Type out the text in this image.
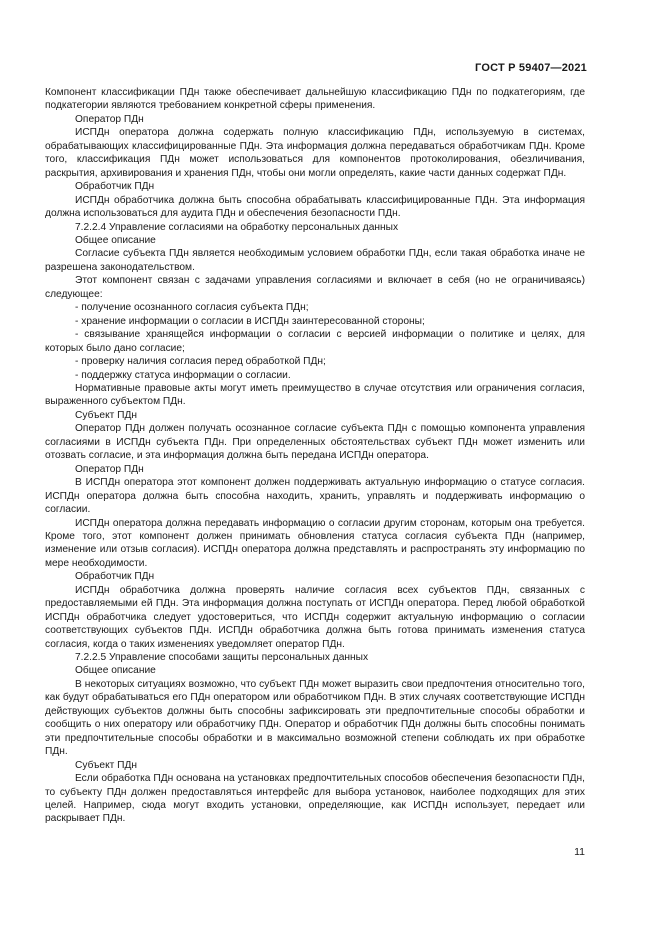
ГОСТ Р 59407—2021

Компонент классификации ПДн также обеспечивает дальнейшую классификацию ПДн по подкатегориям, где подкатегории являются требованием конкретной сферы применения.

Оператор ПДн

ИСПДн оператора должна содержать полную классификацию ПДн, используемую в системах, обрабатывающих классифицированные ПДн. Эта информация должна передаваться обработчикам ПДн. Кроме того, классификация ПДн может использоваться для компонентов протоколирования, обезличивания, раскрытия, архивирования и хранения ПДн, чтобы они могли определять, какие части данных содержат ПДн.

Обработчик ПДн

ИСПДн обработчика должна быть способна обрабатывать классифицированные ПДн. Эта информация должна использоваться для аудита ПДн и обеспечения безопасности ПДн.

7.2.2.4 Управление согласиями на обработку персональных данных

Общее описание

Согласие субъекта ПДн является необходимым условием обработки ПДн, если такая обработка иначе не разрешена законодательством.

Этот компонент связан с задачами управления согласиями и включает в себя (но не ограничиваясь) следующее:

- получение осознанного согласия субъекта ПДн;

- хранение информации о согласии в ИСПДн заинтересованной стороны;

- связывание хранящейся информации о согласии с версией информации о политике и целях, для которых было дано согласие;

- проверку наличия согласия перед обработкой ПДн;

- поддержку статуса информации о согласии.

Нормативные правовые акты могут иметь преимущество в случае отсутствия или ограничения согласия, выраженного субъектом ПДн.

Субъект ПДн

Оператор ПДн должен получать осознанное согласие субъекта ПДн с помощью компонента управления согласиями в ИСПДн субъекта ПДн. При определенных обстоятельствах субъект ПДн может изменить или отозвать согласие, и эта информация должна быть передана ИСПДн оператора.

Оператор ПДн

В ИСПДн оператора этот компонент должен поддерживать актуальную информацию о статусе согласия. ИСПДн оператора должна быть способна находить, хранить, управлять и поддерживать информацию о согласии.

ИСПДн оператора должна передавать информацию о согласии другим сторонам, которым она требуется. Кроме того, этот компонент должен принимать обновления статуса согласия субъекта ПДн (например, изменение или отзыв согласия). ИСПДн оператора должна представлять и распространять эту информацию по мере необходимости.

Обработчик ПДн

ИСПДн обработчика должна проверять наличие согласия всех субъектов ПДн, связанных с предоставляемыми ей ПДн. Эта информация должна поступать от ИСПДн оператора. Перед любой обработкой ИСПДн обработчика следует удостовериться, что ИСПДн содержит актуальную информацию о согласии соответствующих субъектов ПДн. ИСПДн обработчика должна быть готова принимать изменения статуса согласия, когда о таких изменениях уведомляет оператор ПДн.

7.2.2.5 Управление способами защиты персональных данных

Общее описание

В некоторых ситуациях возможно, что субъект ПДн может выразить свои предпочтения относительно того, как будут обрабатываться его ПДн оператором или обработчиком ПДн. В этих случаях соответствующие ИСПДн действующих субъектов должны быть способны зафиксировать эти предпочтительные способы обработки и сообщить о них оператору или обработчику ПДн. Оператор и обработчик ПДн должны быть способны понимать эти предпочтительные способы обработки и в максимально возможной степени соблюдать их при обработке ПДн.

Субъект ПДн

Если обработка ПДн основана на установках предпочтительных способов обеспечения безопасности ПДн, то субъекту ПДн должен предоставляться интерфейс для выбора установок, наиболее подходящих для этих целей. Например, сюда могут входить установки, определяющие, как ИСПДн использует, передает или раскрывает ПДн.

11
